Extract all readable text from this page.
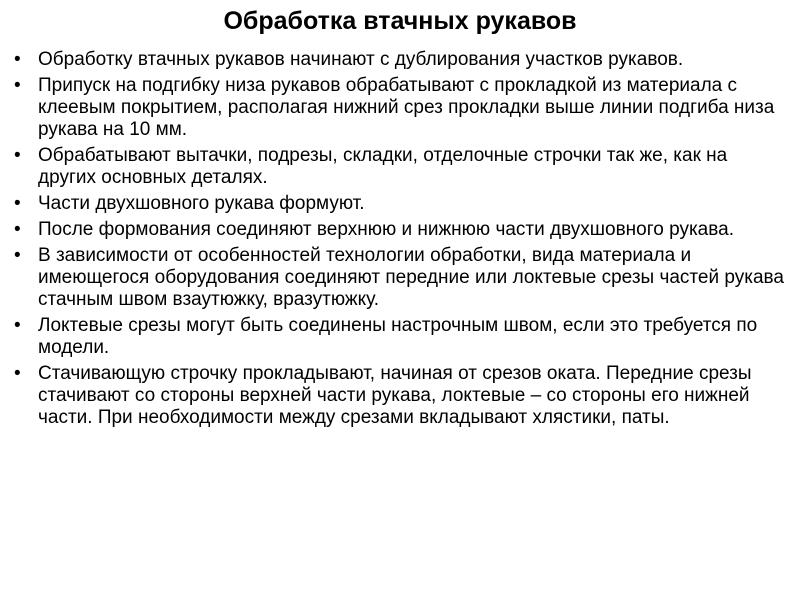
Обработка втачных рукавов
• Обработку втачных рукавов начинают с дублирования участков рукавов.
• Припуск на подгибку низа рукавов обрабатывают с прокладкой из материала с клеевым покрытием, располагая нижний срез прокладки выше линии подгиба низа рукава на 10 мм.
• Обрабатывают вытачки, подрезы, складки, отделочные строчки так же, как на других основных деталях.
• Части двухшовного рукава формуют.
• После формования соединяют верхнюю и нижнюю части двухшовного рукава.
• В зависимости от особенностей технологии обработки, вида материала и имеющегося оборудования соединяют передние или локтевые срезы частей рукава стачным швом взаутюжку, вразутюжку.
• Локтевые срезы могут быть соединены настрочным швом, если это требуется по модели.
• Стачивающую строчку прокладывают, начиная от срезов оката. Передние срезы стачивают со стороны верхней части рукава, локтевые – со стороны его нижней части. При необходимости между срезами вкладывают хлястики, паты.
